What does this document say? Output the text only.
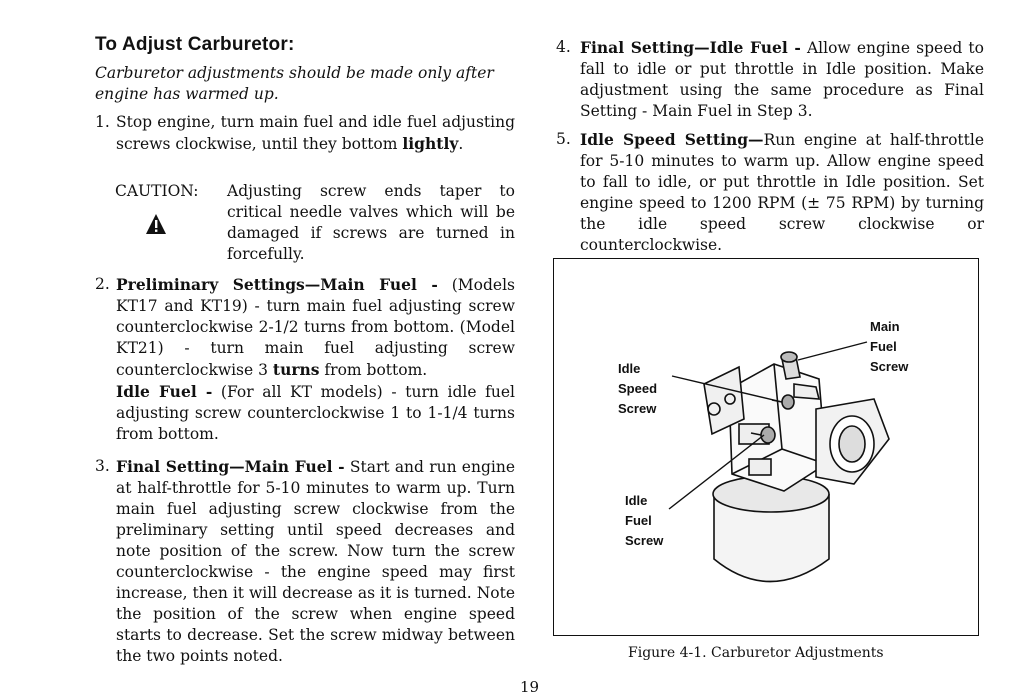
To Adjust Carburetor:
Carburetor adjustments should be made only after engine has warmed up.
1. Stop engine, turn main fuel and idle fuel adjusting screws clockwise, until they bottom lightly.
CAUTION: Adjusting screw ends taper to critical needle valves which will be damaged if screws are turned in forcefully.
2. Preliminary Settings—Main Fuel - (Models KT17 and KT19) - turn main fuel adjusting screw counterclockwise 2-1/2 turns from bottom. (Model KT21) - turn main fuel adjusting screw counterclockwise 3 turns from bottom.
Idle Fuel - (For all KT models) - turn idle fuel adjusting screw counterclockwise 1 to 1-1/4 turns from bottom.
3. Final Setting—Main Fuel - Start and run engine at half-throttle for 5-10 minutes to warm up. Turn main fuel adjusting screw clockwise from the preliminary setting until speed decreases and note position of the screw. Now turn the screw counterclockwise - the engine speed may first increase, then it will decrease as it is turned. Note the position of the screw when engine speed starts to decrease. Set the screw midway between the two points noted.
4. Final Setting—Idle Fuel - Allow engine speed to fall to idle or put throttle in Idle position. Make adjustment using the same procedure as Final Setting - Main Fuel in Step 3.
5. Idle Speed Setting—Run engine at half-throttle for 5-10 minutes to warm up. Allow engine speed to fall to idle, or put throttle in Idle position. Set engine speed to 1200 RPM (± 75 RPM) by turning the idle speed screw clockwise or counterclockwise.
Main
Fuel
Screw
Idle
Speed
Screw
Idle
Fuel
Screw
Figure 4-1. Carburetor Adjustments
19
